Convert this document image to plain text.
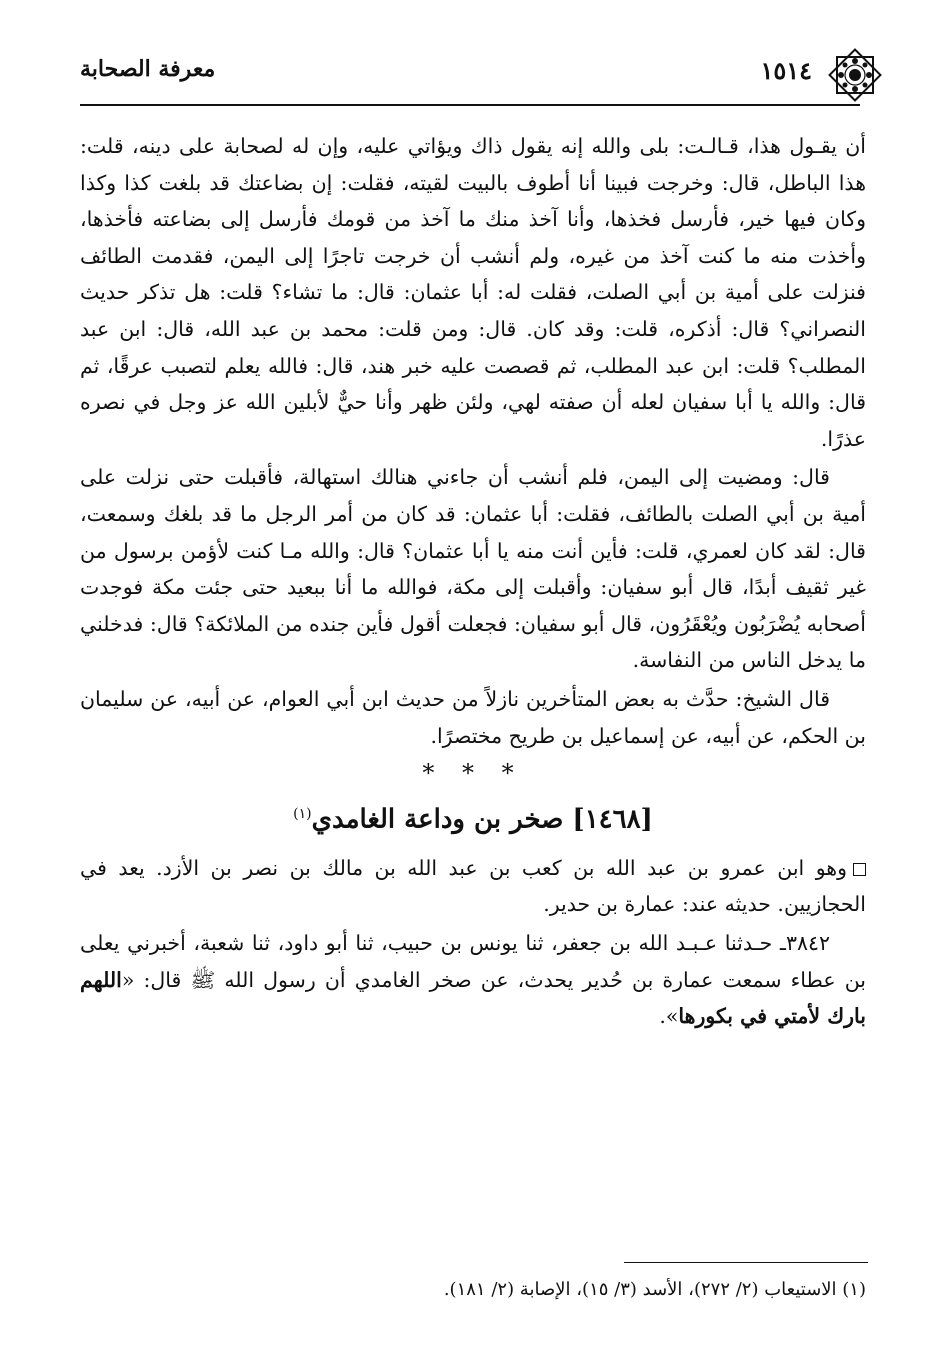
١٥١٤
معرفة الصحابة

أن يقـول هذا، قـالـت: بلى والله إنه يقول ذاك ويؤاتي عليه، وإن له لصحابة على دينه، قلت: هذا الباطل، قال: وخرجت فبينا أنا أطوف بالبيت لقيته، فقلت: إن بضاعتك قد بلغت كذا وكذا وكان فيها خير، فأرسل فخذها، وأنا آخذ منك ما آخذ من قومك فأرسل إلى بضاعته فأخذها، وأخذت منه ما كنت آخذ من غيره، ولم أنشب أن خرجت تاجرًا إلى اليمن، فقدمت الطائف فنزلت على أمية بن أبي الصلت، فقلت له: أبا عثمان: قال: ما تشاء؟ قلت: هل تذكر حديث النصراني؟ قال: أذكره، قلت: وقد كان. قال: ومن قلت: محمد بن عبد الله، قال: ابن عبد المطلب؟ قلت: ابن عبد المطلب، ثم قصصت عليه خبر هند، قال: فالله يعلم لتصبب عرقًا، ثم قال: والله يا أبا سفيان لعله أن صفته لهي، ولئن ظهر وأنا حيٌّ لأبلين الله عز وجل في نصره عذرًا.

قال: ومضيت إلى اليمن، فلم أنشب أن جاءني هنالك استهالة، فأقبلت حتى نزلت على أمية بن أبي الصلت بالطائف، فقلت: أبا عثمان: قد كان من أمر الرجل ما قد بلغك وسمعت، قال: لقد كان لعمري، قلت: فأين أنت منه يا أبا عثمان؟ قال: والله مـا كنت لأؤمن برسول من غير ثقيف أبدًا، قال أبو سفيان: وأقبلت إلى مكة، فوالله ما أنا ببعيد حتى جئت مكة فوجدت أصحابه يُضْرَبُون ويُعْقَرُون، قال أبو سفيان: فجعلت أقول فأين جنده من الملائكة؟ قال: فدخلني ما يدخل الناس من النفاسة.

قال الشيخ: حدَّث به بعض المتأخرين نازلاً من حديث ابن أبي العوام، عن أبيه، عن سليمان بن الحكم، عن أبيه، عن إسماعيل بن طريح مختصرًا.

* * *

[١٤٦٨] صخر بن وداعة الغامدي$^{(١)}$

وهو ابن عمرو بن عبد الله بن كعب بن عبد الله بن مالك بن نصر بن الأزد. يعد في الحجازيين. حديثه عند: عمارة بن حدير.

٣٨٤٢ـ حـدثنا عـبـد الله بن جعفر، ثنا يونس بن حبيب، ثنا أبو داود، ثنا شعبة، أخبرني يعلى بن عطاء سمعت عمارة بن حُدير يحدث، عن صخر الغامدي أن رسول الله ﷺ قال: «اللهم بارك لأمتي في بكورها».

(١) الاستيعاب (٢/ ٢٧٢)، الأسد (٣/ ١٥)، الإصابة (٢/ ١٨١).
